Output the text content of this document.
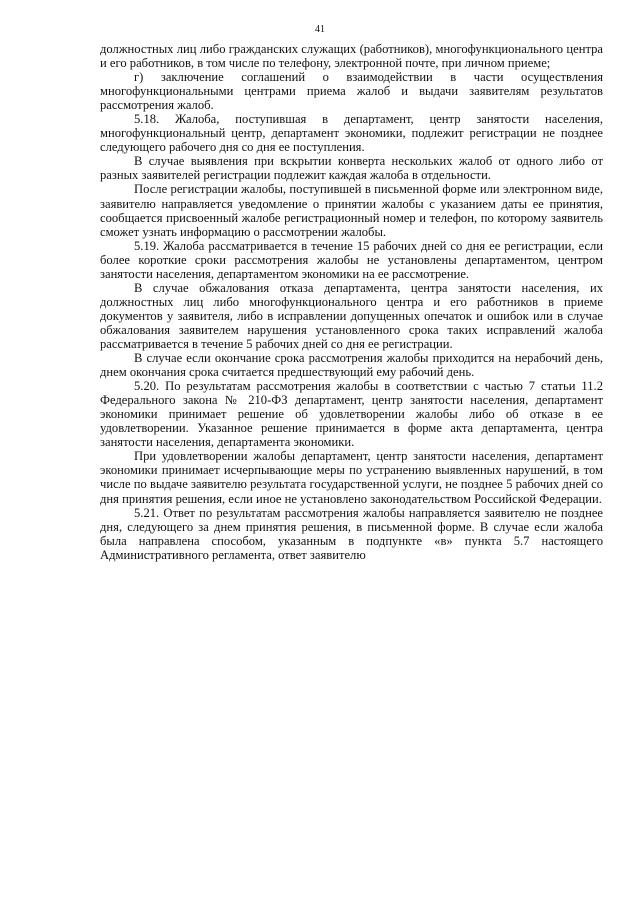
41

должностных лиц либо гражданских служащих (работников), многофункционального центра и его работников, в том числе по телефону, электронной почте, при личном приеме;

г) заключение соглашений о взаимодействии в части осуществления многофункциональными центрами приема жалоб и выдачи заявителям результатов рассмотрения жалоб.

5.18. Жалоба, поступившая в департамент, центр занятости населения, многофункциональный центр, департамент экономики, подлежит регистрации не позднее следующего рабочего дня со дня ее поступления.

В случае выявления при вскрытии конверта нескольких жалоб от одного либо от разных заявителей регистрации подлежит каждая жалоба в отдельности.

После регистрации жалобы, поступившей в письменной форме или электронном виде, заявителю направляется уведомление о принятии жалобы с указанием даты ее принятия, сообщается присвоенный жалобе регистрационный номер и телефон, по которому заявитель сможет узнать информацию о рассмотрении жалобы.

5.19. Жалоба рассматривается в течение 15 рабочих дней со дня ее регистрации, если более короткие сроки рассмотрения жалобы не установлены департаментом, центром занятости населения, департаментом экономики на ее рассмотрение.

В случае обжалования отказа департамента, центра занятости населения, их должностных лиц либо многофункционального центра и его работников в приеме документов у заявителя, либо в исправлении допущенных опечаток и ошибок или в случае обжалования заявителем нарушения установленного срока таких исправлений жалоба рассматривается в течение 5 рабочих дней со дня ее регистрации.

В случае если окончание срока рассмотрения жалобы приходится на нерабочий день, днем окончания срока считается предшествующий ему рабочий день.

5.20. По результатам рассмотрения жалобы в соответствии с частью 7 статьи 11.2 Федерального закона № 210-ФЗ департамент, центр занятости населения, департамент экономики принимает решение об удовлетворении жалобы либо об отказе в ее удовлетворении. Указанное решение принимается в форме акта департамента, центра занятости населения, департамента экономики.

При удовлетворении жалобы департамент, центр занятости населения, департамент экономики принимает исчерпывающие меры по устранению выявленных нарушений, в том числе по выдаче заявителю результата государственной услуги, не позднее 5 рабочих дней со дня принятия решения, если иное не установлено законодательством Российской Федерации.

5.21. Ответ по результатам рассмотрения жалобы направляется заявителю не позднее дня, следующего за днем принятия решения, в письменной форме. В случае если жалоба была направлена способом, указанным в подпункте «в» пункта 5.7 настоящего Административного регламента, ответ заявителю
